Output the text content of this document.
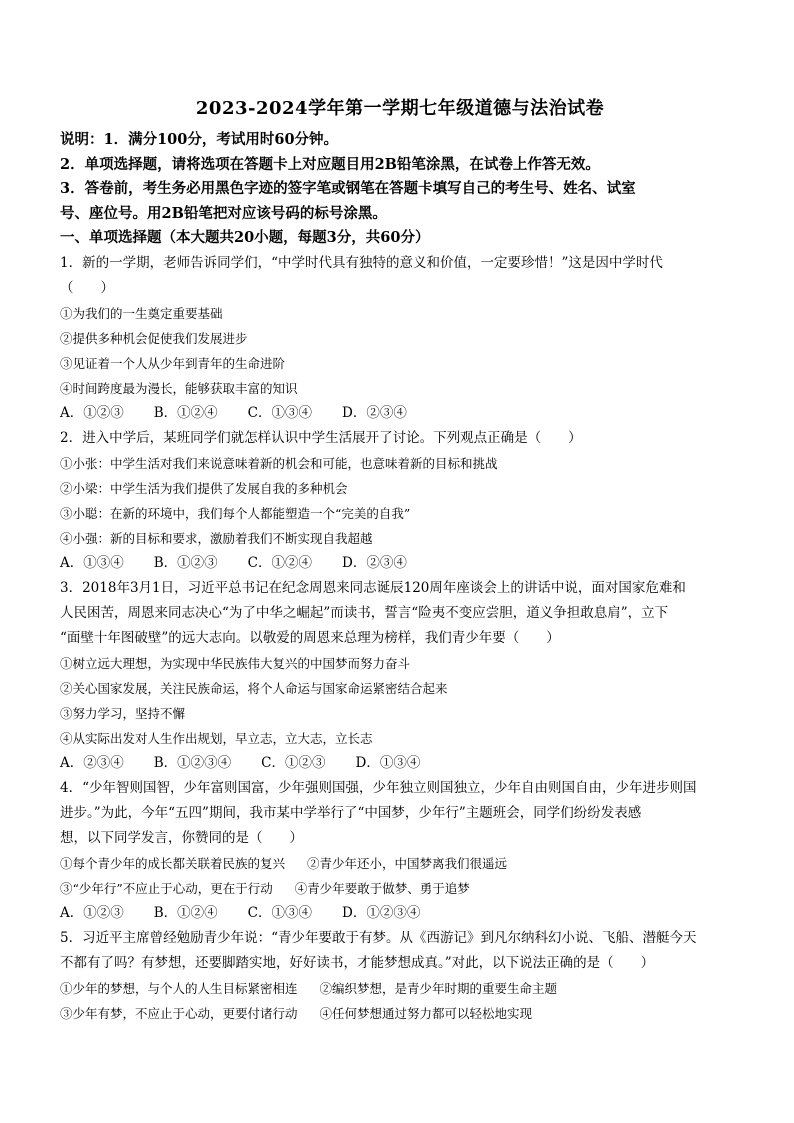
2023-2024学年第一学期七年级道德与法治试卷

说明：1．满分100分，考试用时60分钟。

2．单项选择题，请将选项在答题卡上对应题目用2B铅笔涂黑，在试卷上作答无效。

3．答卷前，考生务必用黑色字迹的签字笔或钢笔在答题卡填写自己的考生号、姓名、试室

号、座位号。用2B铅笔把对应该号码的标号涂黑。

一、单项选择题（本大题共20小题，每题3分，共60分）

1．新的一学期，老师告诉同学们，“中学时代具有独特的意义和价值，一定要珍惜！”这是因中学时代

（　　）

①为我们的一生奠定重要基础

②提供多种机会促使我们发展进步

③见证着一个人从少年到青年的生命进阶

④时间跨度最为漫长，能够获取丰富的知识

A．①②③ B．①②④ C．①③④ D．②③④

2．进入中学后，某班同学们就怎样认识中学生活展开了讨论。下列观点正确是（　　）

①小张：中学生活对我们来说意味着新的机会和可能，也意味着新的目标和挑战

②小梁：中学生活为我们提供了发展自我的多种机会

③小聪：在新的环境中，我们每个人都能塑造一个“完美的自我”

④小强：新的目标和要求，激励着我们不断实现自我超越

A．①③④ B．①②③ C．①②④ D．②③④

3．2018年3月1日，习近平总书记在纪念周恩来同志诞辰120周年座谈会上的讲话中说，面对国家危难和

人民困苦，周恩来同志决心“为了中华之崛起”而读书，誓言“险夷不变应尝胆，道义争担敢息肩”，立下

“面壁十年图破壁”的远大志向。以敬爱的周恩来总理为榜样，我们青少年要（　　）

①树立远大理想，为实现中华民族伟大复兴的中国梦而努力奋斗

②关心国家发展，关注民族命运，将个人命运与国家命运紧密结合起来

③努力学习，坚持不懈

④从实际出发对人生作出规划，早立志，立大志，立长志

A．②③④ B．①②③④ C．①②③ D．①③④

4．“少年智则国智，少年富则国富，少年强则国强，少年独立则国独立，少年自由则国自由，少年进步则国

进步。”为此，今年“五四”期间，我市某中学举行了“中国梦，少年行”主题班会，同学们纷纷发表感

想，以下同学发言，你赞同的是（　　）

①每个青少年的成长都关联着民族的复兴 ②青少年还小，中国梦离我们很遥远

③“少年行”不应止于心动，更在于行动 ④青少年要敢于做梦、勇于追梦

A．①②③ B．①②④ C．①③④ D．①②③④

5．习近平主席曾经勉励青少年说：“青少年要敢于有梦。从《西游记》到凡尔纳科幻小说、飞船、潜艇今天

不都有了吗？有梦想，还要脚踏实地，好好读书，才能梦想成真。”对此，以下说法正确的是（　　）

①少年的梦想，与个人的人生目标紧密相连 ②编织梦想，是青少年时期的重要生命主题

③少年有梦，不应止于心动，更要付诸行动 ④任何梦想通过努力都可以轻松地实现
